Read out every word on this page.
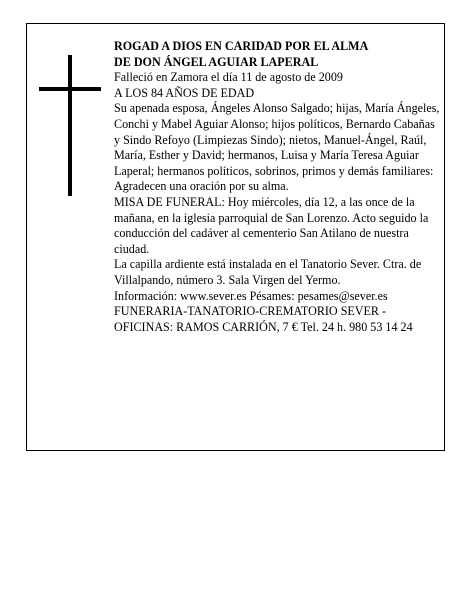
ROGAD A DIOS EN CARIDAD POR EL ALMA

DE DON ÁNGEL AGUIAR LAPERAL

Falleció en Zamora el día 11 de agosto de 2009

A LOS 84 AÑOS DE EDAD

Su apenada esposa, Ángeles Alonso Salgado; hijas, María Ángeles, Conchi y Mabel Aguiar Alonso; hijos políticos, Bernardo Cabañas y Sindo Refoyo (Limpiezas Sindo); nietos, Manuel-Ángel, Raúl, María, Esther y David; hermanos, Luisa y María Teresa Aguiar Laperal; hermanos políticos, sobrinos, primos y demás familiares:

Agradecen una oración por su alma.

MISA DE FUNERAL: Hoy miércoles, día 12, a las once de la mañana, en la iglesia parroquial de San Lorenzo. Acto seguido la conducción del cadáver al cementerio San Atilano de nuestra ciudad.

La capilla ardiente está instalada en el Tanatorio Sever. Ctra. de Villalpando, número 3. Sala Virgen del Yermo.

Información: www.sever.es Pésames: pesames@sever.es

FUNERARIA-TANATORIO-CREMATORIO SEVER - OFICINAS: RAMOS CARRIÓN, 7 € Tel. 24 h. 980 53 14 24
